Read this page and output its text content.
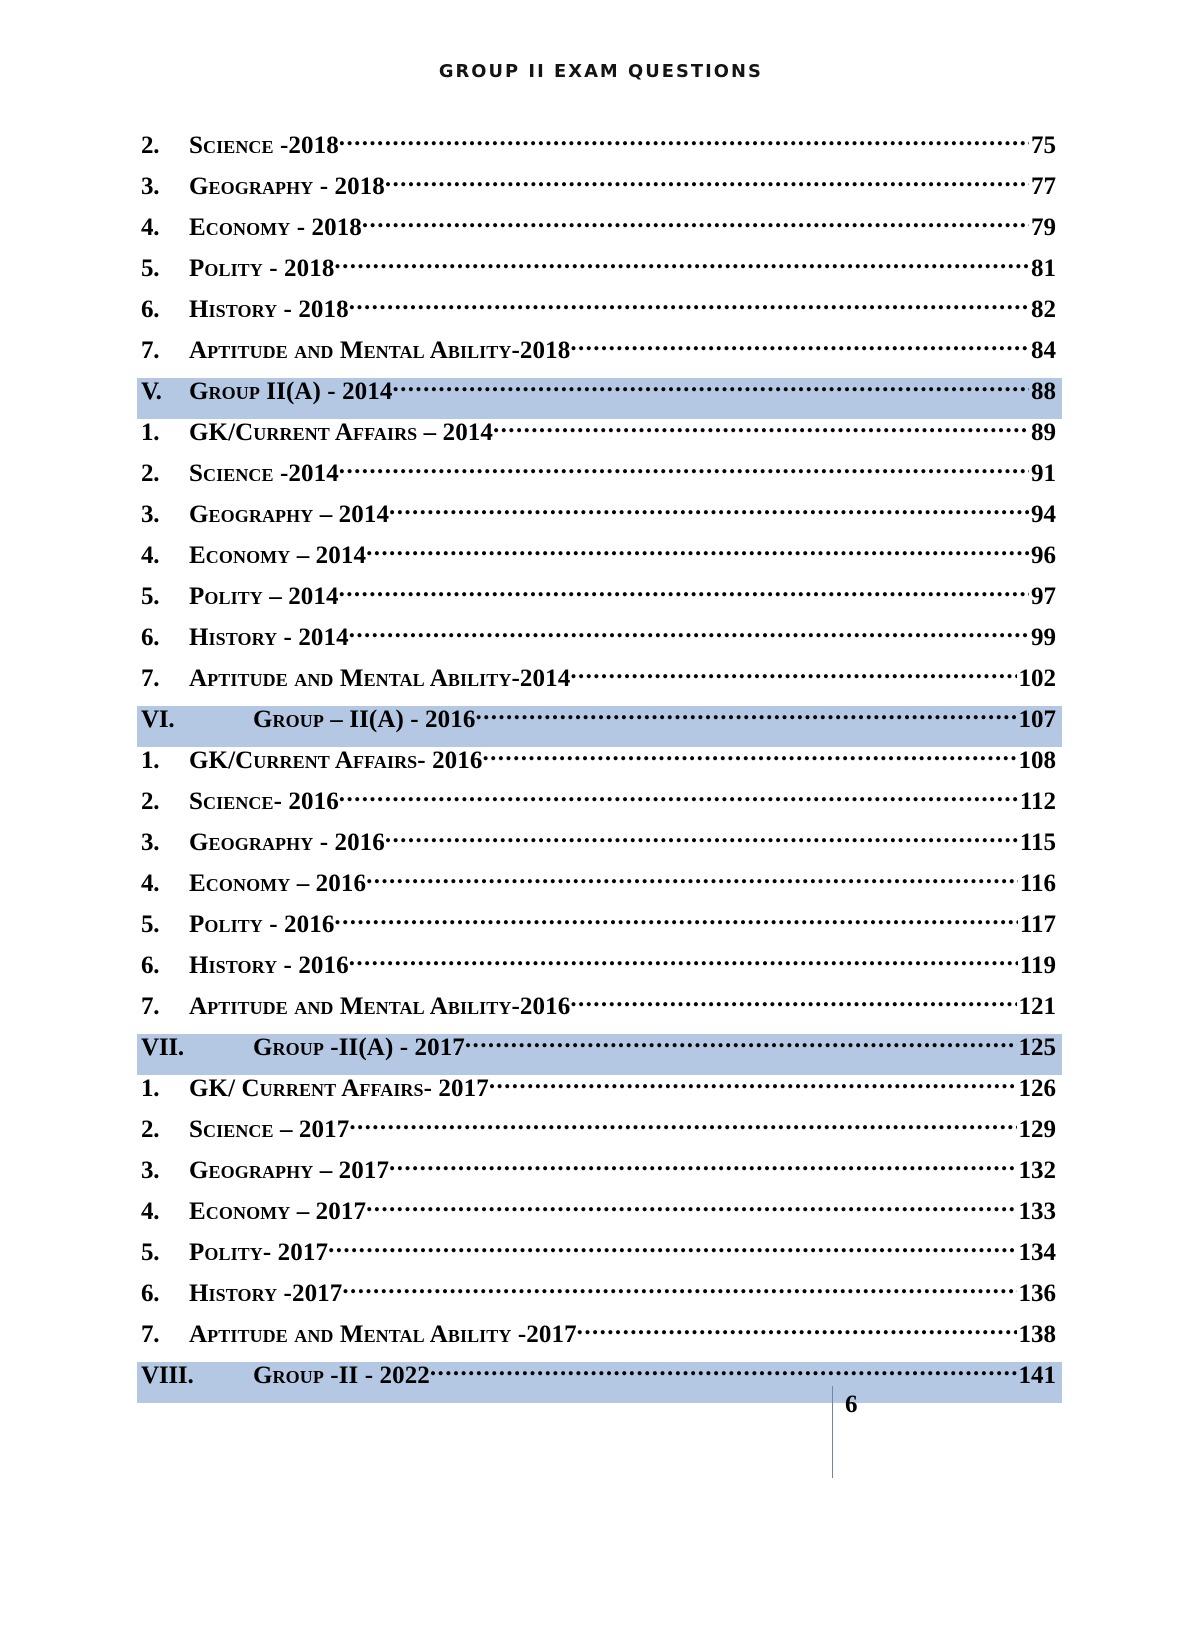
GROUP II EXAM QUESTIONS
2.	Science -2018 .....	75
3.	Geography - 2018 .....	77
4.	Economy - 2018 .....	79
5.	Polity - 2018 .....	81
6.	History - 2018 .....	82
7.	Aptitude and Mental Ability-2018 .....	84
V.	Group II(A) - 2014 .....	88
1.	GK/Current Affairs – 2014 .....	89
2.	Science -2014 .....	91
3.	Geography – 2014 .....	94
4.	Economy – 2014 .....	96
5.	Polity – 2014 .....	97
6.	History - 2014 .....	99
7.	Aptitude and Mental Ability-2014 .....	102
VI.	Group – II(A) - 2016 .....	107
1.	GK/Current Affairs- 2016 .....	108
2.	Science- 2016 .....	112
3.	Geography - 2016 .....	115
4.	Economy – 2016 .....	116
5.	Polity - 2016 .....	117
6.	History - 2016 .....	119
7.	Aptitude and Mental Ability-2016 .....	121
VII.	Group -II(A) - 2017 .....	125
1.	GK/ Current Affairs- 2017 .....	126
2.	Science – 2017 .....	129
3.	Geography – 2017 .....	132
4.	Economy – 2017 .....	133
5.	Polity- 2017 .....	134
6.	History -2017 .....	136
7.	Aptitude and Mental Ability -2017 .....	138
VIII.	Group -II - 2022 .....	141
6
